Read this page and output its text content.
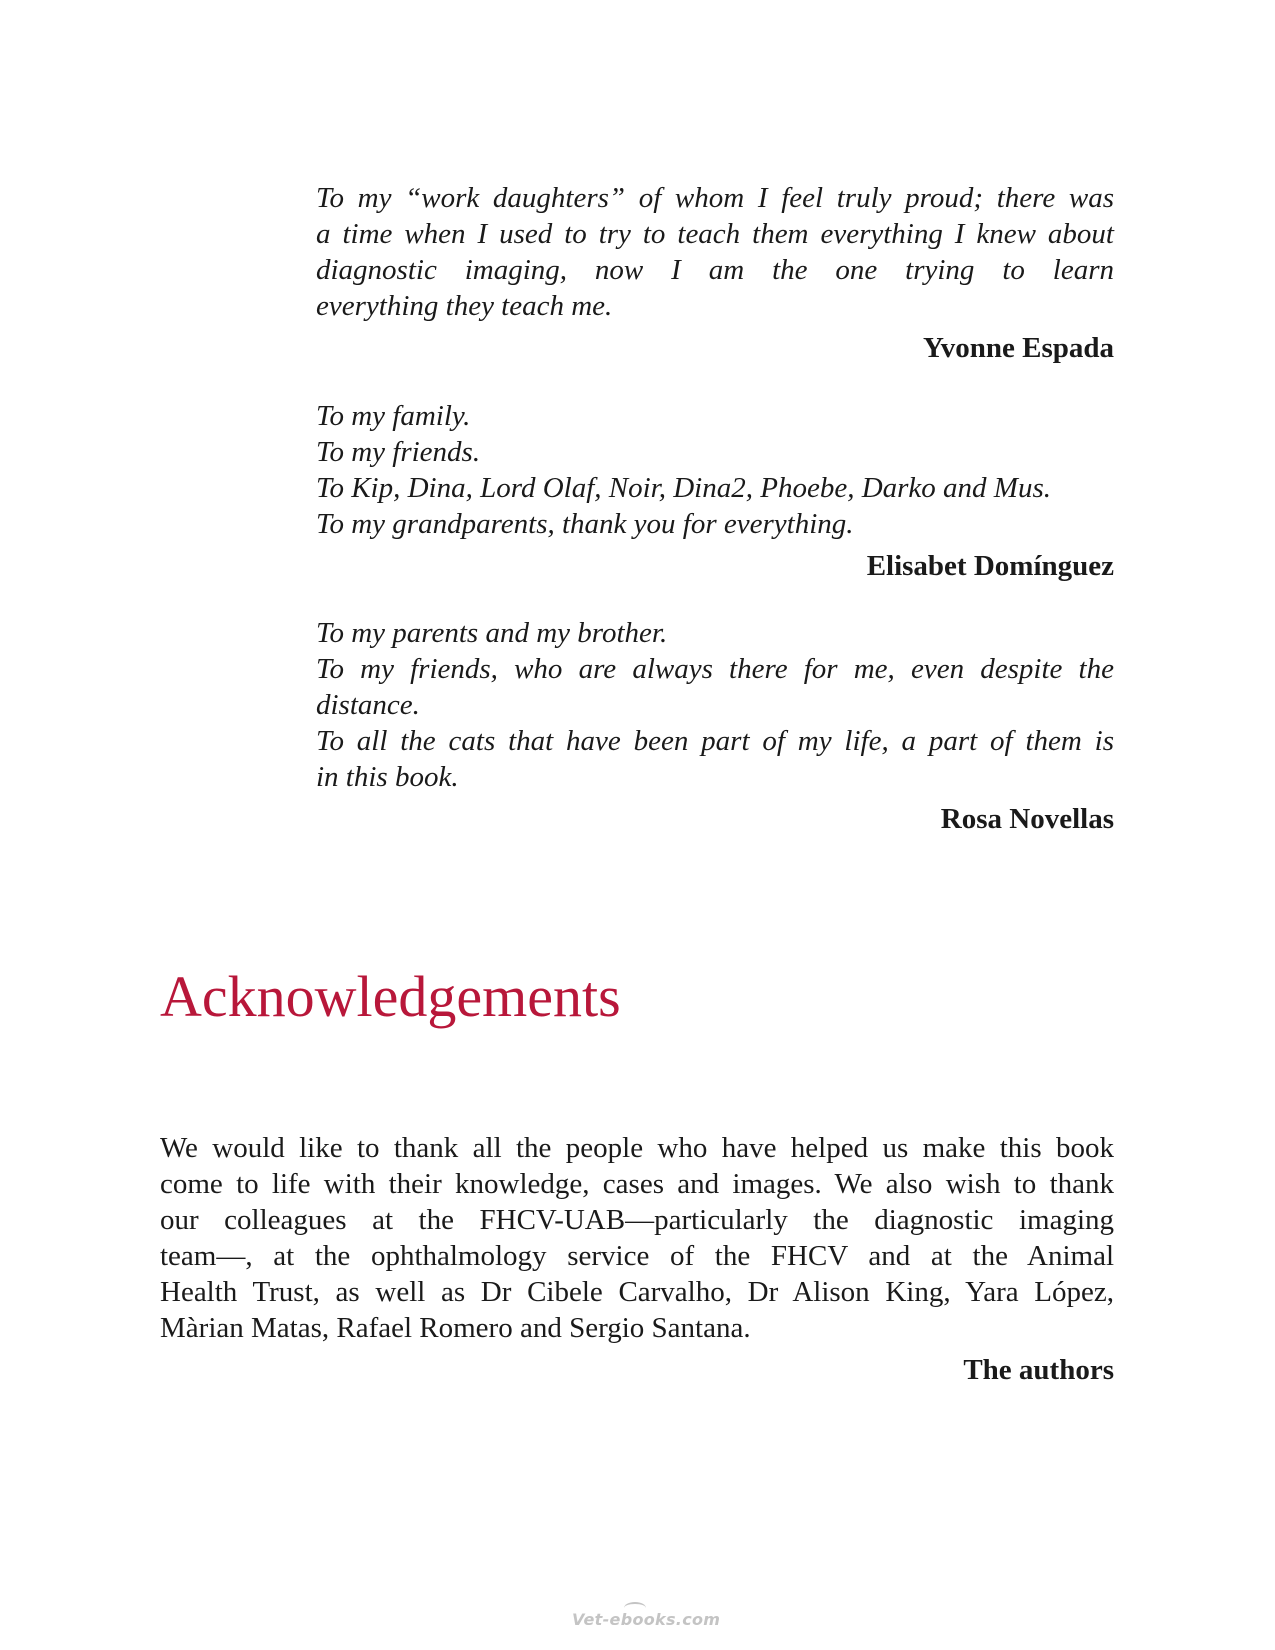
To my “work daughters” of whom I feel truly proud; there was
a time when I used to try to teach them everything I knew about
diagnostic imaging, now I am the one trying to learn
everything they teach me.
Yvonne Espada
To my family.
To my friends.
To Kip, Dina, Lord Olaf, Noir, Dina2, Phoebe, Darko and Mus.
To my grandparents, thank you for everything.
Elisabet Domínguez
To my parents and my brother.
To my friends, who are always there for me, even despite the
distance.
To all the cats that have been part of my life, a part of them is
in this book.
Rosa Novellas
Acknowledgements
We would like to thank all the people who have helped us make this book
come to life with their knowledge, cases and images. We also wish to thank
our colleagues at the FHCV-UAB—particularly the diagnostic imaging
team—, at the ophthalmology service of the FHCV and at the Animal
Health Trust, as well as Dr Cibele Carvalho, Dr Alison King, Yara López,
Màrian Matas, Rafael Romero and Sergio Santana.
The authors
Vet-ebooks.com
